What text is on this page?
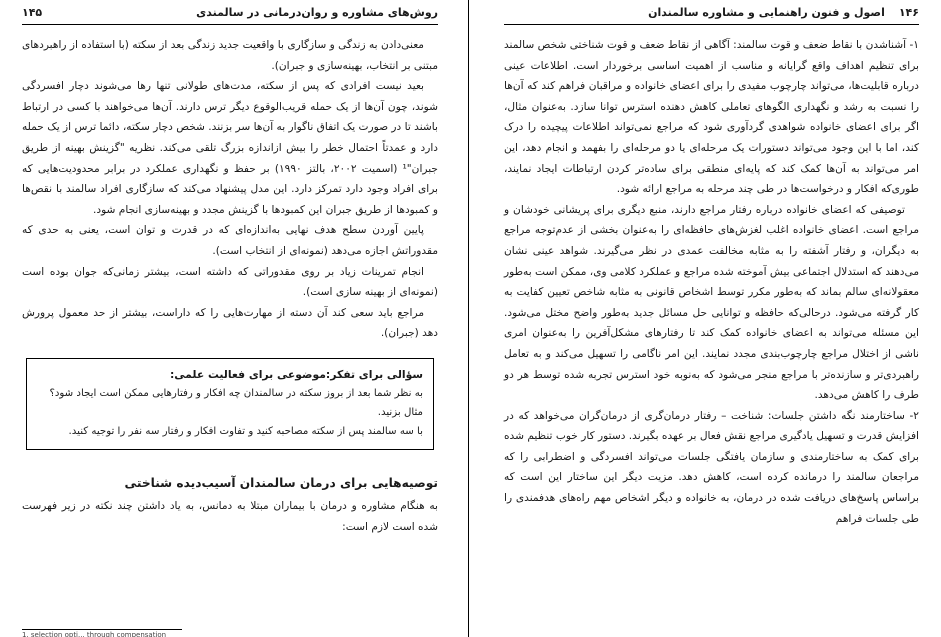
روش‌های مشاوره و روان‌درمانی در سالمندی
۱۴۵

معنی‌دادن به زندگی و سازگاری با واقعیت جدید زندگی بعد از سکته (با استفاده از راهبردهای مبتنی بر انتخاب، بهینه‌سازی و جبران).

بعید نیست افرادی که پس از سکته، مدت‌های طولانی تنها رها می‌شوند دچار افسردگی شوند، چون آن‌ها از یک حمله قریب‌الوقوع دیگر ترس دارند. آن‌ها می‌خواهند با کسی در ارتباط باشند تا در صورت یک اتفاق ناگوار به آن‌ها سر بزنند. شخص دچار سکته، دائما ترس از یک حمله دارد و عمدتاً احتمال خطر را بیش ازاندازه بزرگ تلقی می‌کند. نظریه "گزینش بهینه از طریق جبران"¹ (اسمیت ۲۰۰۲، بالتز ۱۹۹۰) بر حفظ و نگهداری عملکرد در برابر محدودیت‌هایی که برای افراد وجود دارد تمرکز دارد. این مدل پیشنهاد می‌کند که سازگاری افراد سالمند با نقص‌ها و کمبودها از طریق جبران این کمبودها با گزینش مجدد و بهینه‌سازی انجام شود.

پایین آوردن سطح هدف نهایی به‌اندازه‌ای که در قدرت و توان است، یعنی به حدی که مقدوراتش اجازه می‌دهد (نمونه‌ای از انتخاب است).

انجام تمرینات زیاد بر روی مقدوراتی که داشته است، بیشتر زمانی‌که جوان بوده است (نمونه‌ای از بهینه سازی است).

مراجع باید سعی کند آن دسته از مهارت‌هایی را که داراست، بیشتر از حد معمول پرورش دهد (جبران).

سؤالی برای تفکر:موضوعی برای فعالیت علمی:
به نظر شما بعد از بروز سکته در سالمندان چه افکار و رفتارهایی ممکن است ایجاد شود؟
مثال بزنید.
با سه سالمند پس از سکته مصاحبه کنید و تفاوت افکار و رفتار سه نفر را توجیه کنید.
توصیه‌هایی برای درمان سالمندان آسیب‌دیده شناختی

به هنگام مشاوره و درمان با بیماران مبتلا به دمانس، به یاد داشتن چند نکته در زیر فهرست شده است لازم است:

1. selection opti... through compensation
۱۴۶
اصول و فنون راهنمایی و مشاوره سالمندان

۱- آشناشدن با نقاط ضعف و قوت سالمند: آگاهی از نقاط ضعف و قوت شناختی شخص سالمند برای تنظیم اهداف واقع گرایانه و مناسب از اهمیت اساسی برخوردار است. اطلاعات عینی درباره قابلیت‌ها، می‌تواند چارچوب مفیدی را برای اعضای خانواده و مراقبان فراهم کند که آن‌ها را نسبت به رشد و نگهداری الگوهای تعاملی کاهش دهنده استرس توانا سازد. به‌عنوان مثال، اگر برای اعضای خانواده شواهدی گردآوری شود که مراجع نمی‌تواند اطلاعات پیچیده را درک کند، اما با این وجود می‌تواند دستورات یک مرحله‌ای یا دو مرحله‌ای را بفهمد و انجام دهد، این امر می‌تواند به آن‌ها کمک کند که پایه‌ای منطقی برای ساده‌تر کردن ارتباطات ایجاد نمایند، طوری‌که افکار و درخواست‌ها در طی چند مرحله به مراجع ارائه شود.

توصیفی که اعضای خانواده درباره رفتار مراجع دارند، منبع دیگری برای پریشانی خودشان و مراجع است. اعضای خانواده اغلب لغزش‌های حافظه‌ای را به‌عنوان بخشی از عدم‌توجه مراجع به دیگران، و رفتار آشفته را به مثابه مخالفت عمدی در نظر می‌گیرند. شواهد عینی نشان می‌دهند که استدلال اجتماعی بیش آموخته شده مراجع و عملکرد کلامی وی، ممکن است به‌طور معقولانه‌ای سالم بماند که به‌طور مکرر توسط اشخاص قانونی به مثابه شاخص تعیین کفایت به کار گرفته می‌شود. درحالی‌که حافظه و توانایی حل مسائل جدید به‌طور واضح مختل می‌شود. این مسئله می‌تواند به اعضای خانواده کمک کند تا رفتارهای مشکل‌آفرین را به‌عنوان امری ناشی از اختلال مراجع چارچوب‌بندی مجدد نمایند. این امر ناگامی را تسهیل می‌کند و به تعامل راهبردی‌تر و سازنده‌تر با مراجع منجر می‌شود که به‌نوبه خود استرس تجربه شده توسط هر دو طرف را کاهش می‌دهد.

۲- ساختارمند نگه داشتن جلسات: شناخت – رفتار درمان‌گری از درمان‌گران می‌خواهد که در افزایش قدرت و تسهیل یادگیری مراجع نقش فعال بر عهده بگیرند. دستور کار خوب تنظیم شده برای کمک به ساختارمندی و سازمان یافتگی جلسات می‌تواند افسردگی و اضطرابی را که مراجعان سالمند را درمانده کرده است، کاهش دهد. مزیت دیگر این ساختار این است که براساس پاسخ‌های دریافت شده در درمان، به خانواده و دیگر اشخاص مهم راه‌های هدفمندی را طی جلسات فراهم
